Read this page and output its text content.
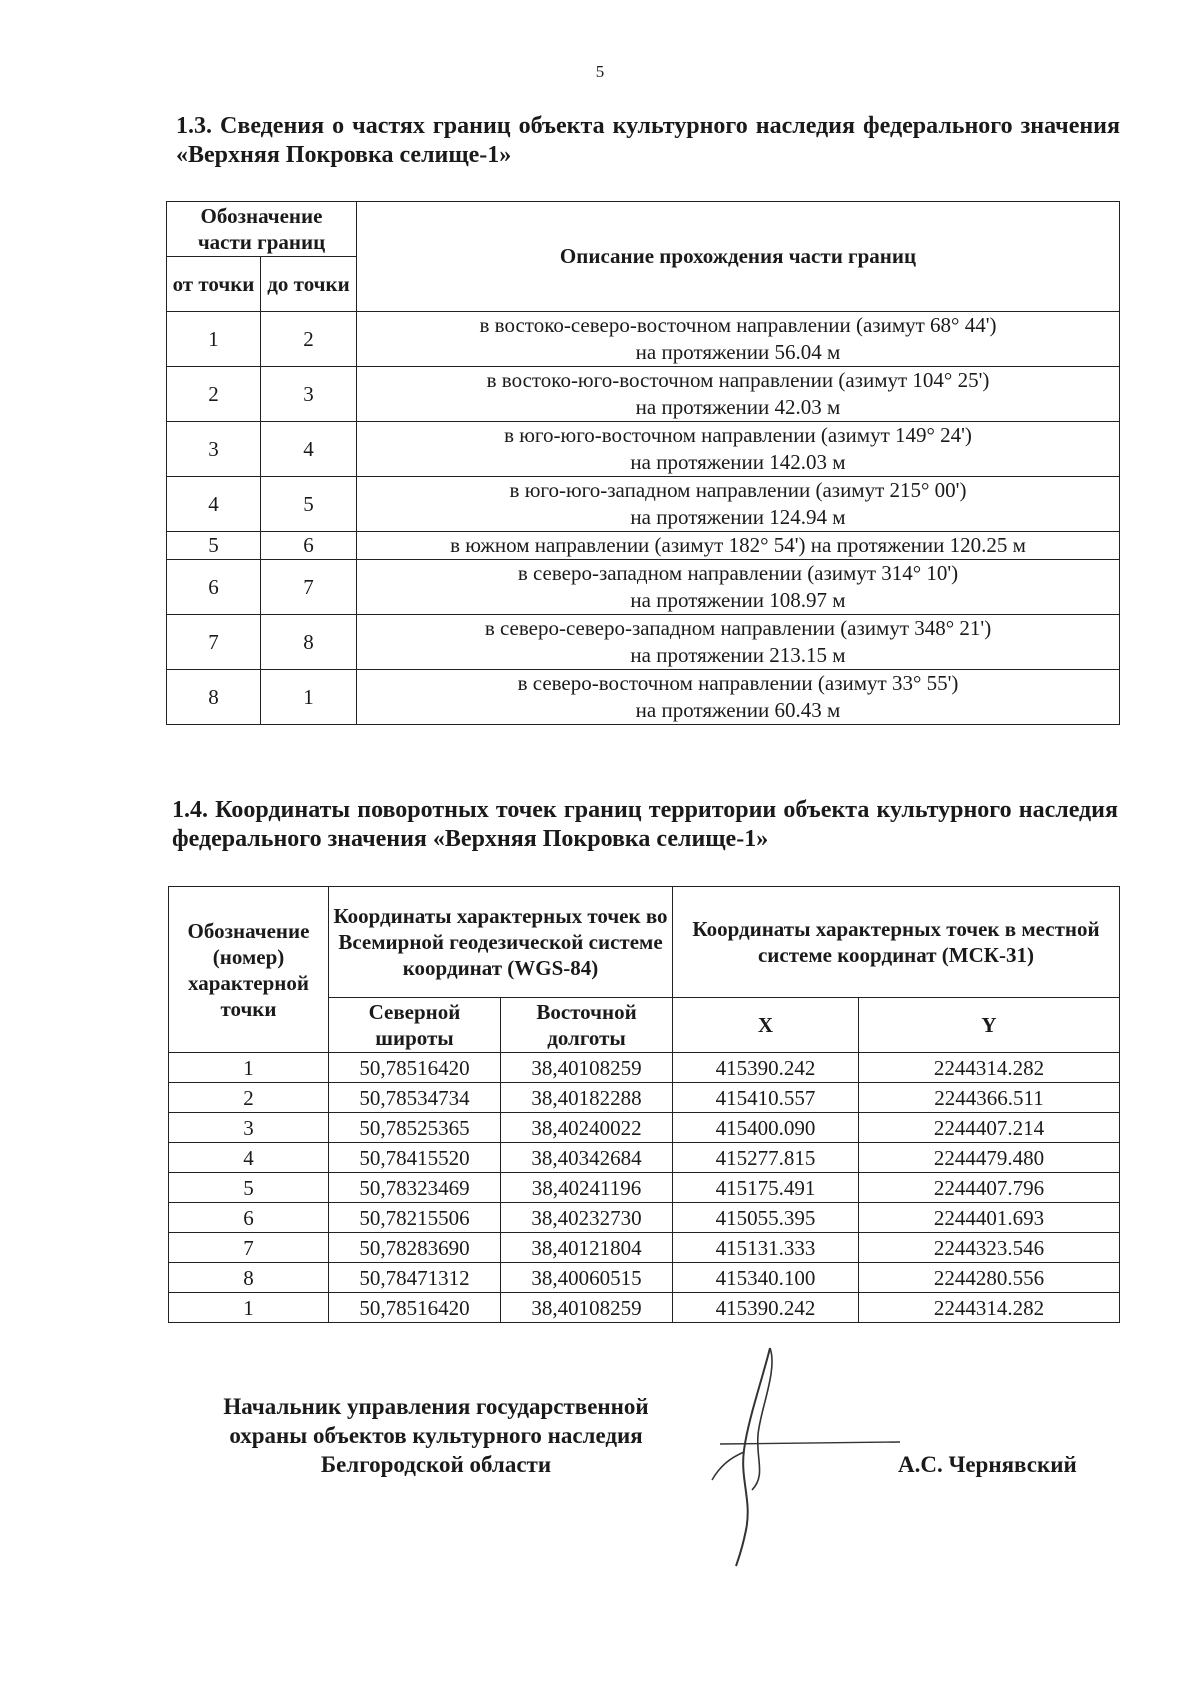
5
1.3. Сведения о частях границ объекта культурного наследия федерального значения «Верхняя Покровка селище-1»
Обозначение части границ		Описание прохождения части границ
от точки	до точки	
1	2	в востоко-северо-восточном направлении (азимут 68° 44')
на протяжении 56.04 м

2	3	в востоко-юго-восточном направлении (азимут 104° 25')
на протяжении 42.03 м

3	4	в юго-юго-восточном направлении (азимут 149° 24')
на протяжении 142.03 м

4	5	в юго-юго-западном направлении (азимут 215° 00')
на протяжении 124.94 м

5	6	в южном направлении (азимут 182° 54') на протяжении 120.25 м

6	7	в северо-западном направлении (азимут 314° 10')
на протяжении 108.97 м

7	8	в северо-северо-западном направлении (азимут 348° 21')
на протяжении 213.15 м

8	1	в северо-восточном направлении (азимут 33° 55')
на протяжении 60.43 м
1.4. Координаты поворотных точек границ территории объекта культурного наследия федерального значения «Верхняя Покровка селище-1»
Обозначение (номер) характерной точки	Координаты характерных точек во Всемирной геодезической системе координат (WGS-84)		Координаты характерных точек в местной системе координат (МСК-31)	
	Северной широты	Восточной долготы	X	Y
1	50,78516420	38,40108259	415390.242	2244314.282
2	50,78534734	38,40182288	415410.557	2244366.511
3	50,78525365	38,40240022	415400.090	2244407.214
4	50,78415520	38,40342684	415277.815	2244479.480
5	50,78323469	38,40241196	415175.491	2244407.796
6	50,78215506	38,40232730	415055.395	2244401.693
7	50,78283690	38,40121804	415131.333	2244323.546
8	50,78471312	38,40060515	415340.100	2244280.556
1	50,78516420	38,40108259	415390.242	2244314.282
Начальник управления государственной
охраны объектов культурного наследия
Белгородской области	А.С. Чернявский
